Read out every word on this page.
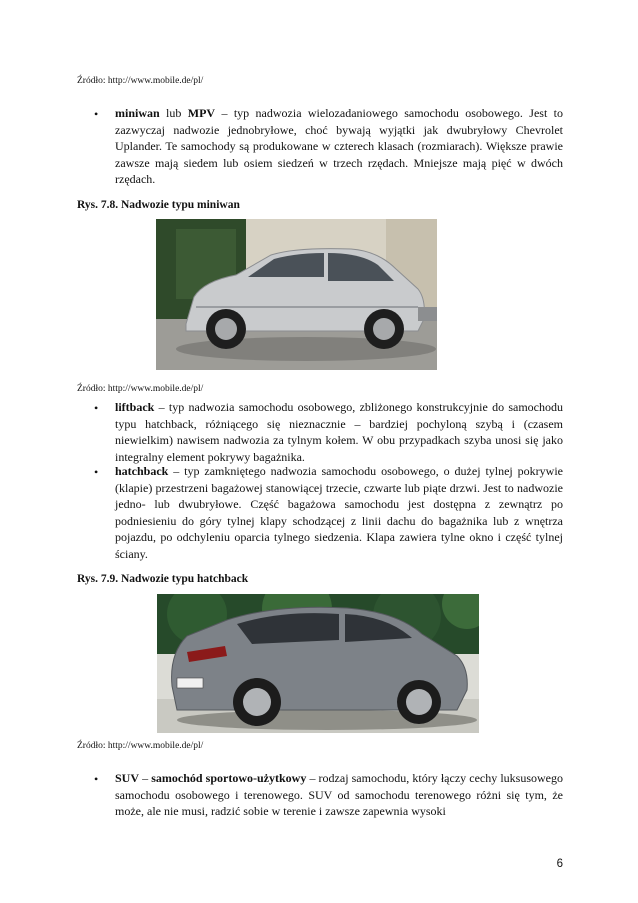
Źródło: http://www.mobile.de/pl/
• miniwan lub MPV – typ nadwozia wielozadaniowego samochodu osobowego. Jest to zazwyczaj nadwozie jednobryłowe, choć bywają wyjątki jak dwubryłowy Chevrolet Uplander. Te samochody są produkowane w czterech klasach (rozmiarach). Większe prawie zawsze mają siedem lub osiem siedzeń w trzech rzędach. Mniejsze mają pięć w dwóch rzędach.
Rys. 7.8. Nadwozie typu miniwan
Źródło: http://www.mobile.de/pl/
• liftback – typ nadwozia samochodu osobowego, zbliżonego konstrukcyjnie do samochodu typu hatchback, różniącego się nieznacznie – bardziej pochyloną szybą i (czasem niewielkim) nawisem nadwozia za tylnym kołem. W obu przypadkach szyba unosi się jako integralny element pokrywy bagażnika.
• hatchback – typ zamkniętego nadwozia samochodu osobowego, o dużej tylnej pokrywie (klapie) przestrzeni bagażowej stanowiącej trzecie, czwarte lub piąte drzwi. Jest to nadwozie jedno- lub dwubryłowe. Część bagażowa samochodu jest dostępna z zewnątrz po podniesieniu do góry tylnej klapy schodzącej z linii dachu do bagażnika lub z wnętrza pojazdu, po odchyleniu oparcia tylnego siedzenia. Klapa zawiera tylne okno i część tylnej ściany.
Rys. 7.9. Nadwozie typu hatchback
Źródło: http://www.mobile.de/pl/
• SUV – samochód sportowo-użytkowy – rodzaj samochodu, który łączy cechy luksusowego samochodu osobowego i terenowego. SUV od samochodu terenowego różni się tym, że może, ale nie musi, radzić sobie w terenie i zawsze zapewnia wysoki
6
